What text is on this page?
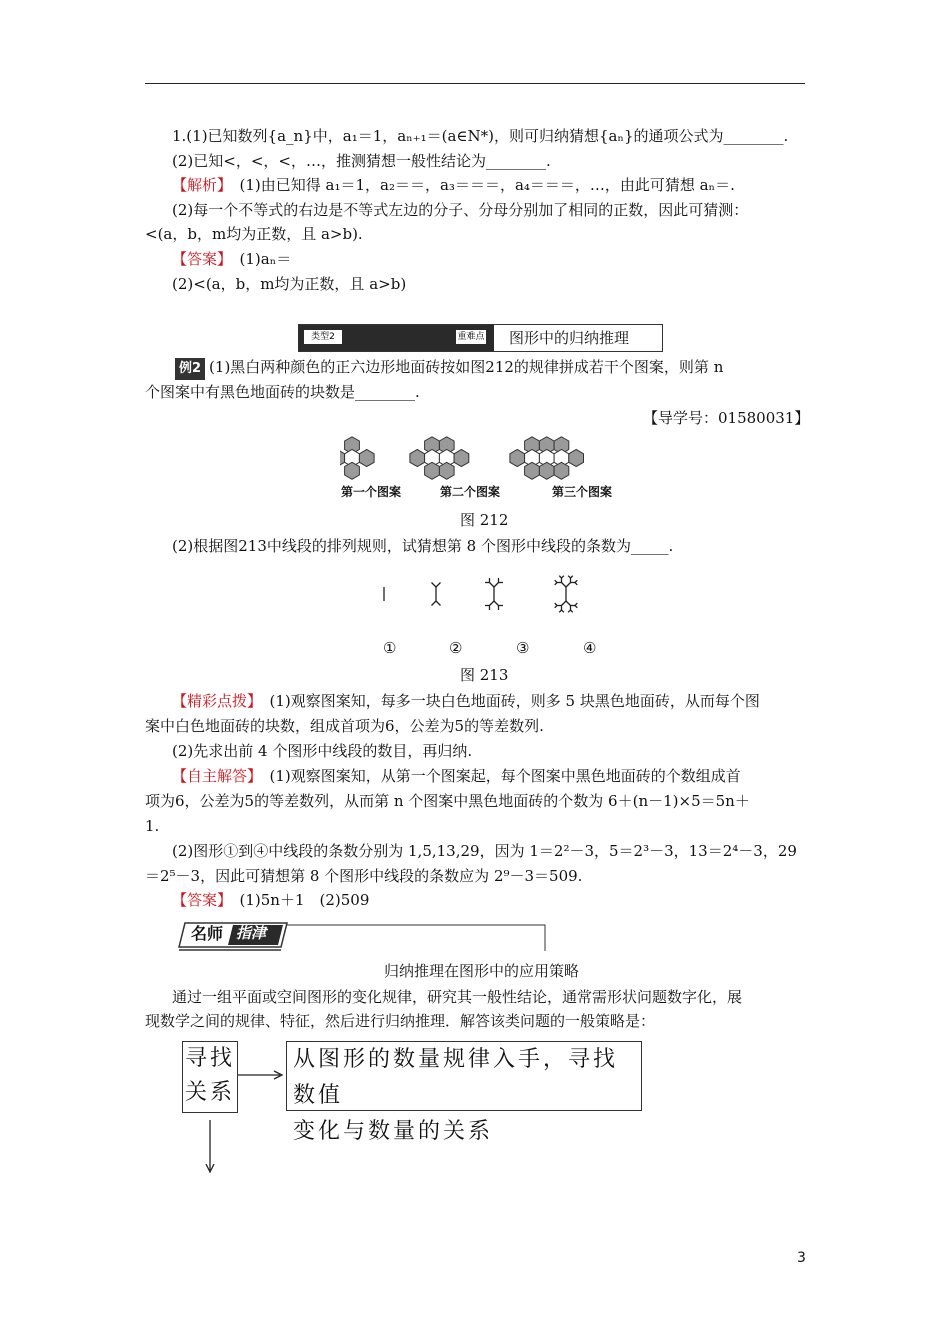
1.(1)已知数列{a_n}中，a₁＝1，aₙ₊₁＝(a∈N*)，则可归纳猜想{aₙ}的通项公式为________.
(2)已知<，<，<，…，推测猜想一般性结论为________.
【解析】　(1)由已知得 a₁＝1，a₂＝＝，a₃＝＝＝，a₄＝＝＝，…，由此可猜想 aₙ＝.
(2)每一个不等式的右边是不等式左边的分子、分母分别加了相同的正数，因此可猜测：
<(a，b，m均为正数，且 a>b).
【答案】　(1)aₙ＝
(2)<(a，b，m均为正数，且 a>b)
类型2	重难点 图形中的归纳推理
例2 (1)黑白两种颜色的正六边形地面砖按如图212的规律拼成若干个图案，则第 n
个图案中有黑色地面砖的块数是________.
【导学号：01580031】
第一个图案	第二个图案	第三个图案
图 212
(2)根据图213中线段的排列规则，试猜想第 8 个图形中线段的条数为_____.
①	②	③	④
图 213
【精彩点拨】　(1)观察图案知，每多一块白色地面砖，则多 5 块黑色地面砖，从而每个图
案中白色地面砖的块数，组成首项为6，公差为5的等差数列.
(2)先求出前 4 个图形中线段的数目，再归纳.
【自主解答】　(1)观察图案知，从第一个图案起，每个图案中黑色地面砖的个数组成首
项为6，公差为5的等差数列，从而第 n 个图案中黑色地面砖的个数为 6＋(n－1)×5＝5n＋
1.
(2)图形①到④中线段的条数分别为 1,5,13,29，因为 1＝2²－3，5＝2³－3，13＝2⁴－3，29
＝2⁵－3，因此可猜想第 8 个图形中线段的条数应为 2⁹－3＝509.
【答案】　(1)5n＋1　(2)509
名师 指津
归纳推理在图形中的应用策略
通过一组平面或空间图形的变化规律，研究其一般性结论，通常需形状问题数字化，展
现数学之间的规律、特征，然后进行归纳推理．解答该类问题的一般策略是：
寻找
关系
从图形的数量规律入手，寻找数值
变化与数量的关系
3
